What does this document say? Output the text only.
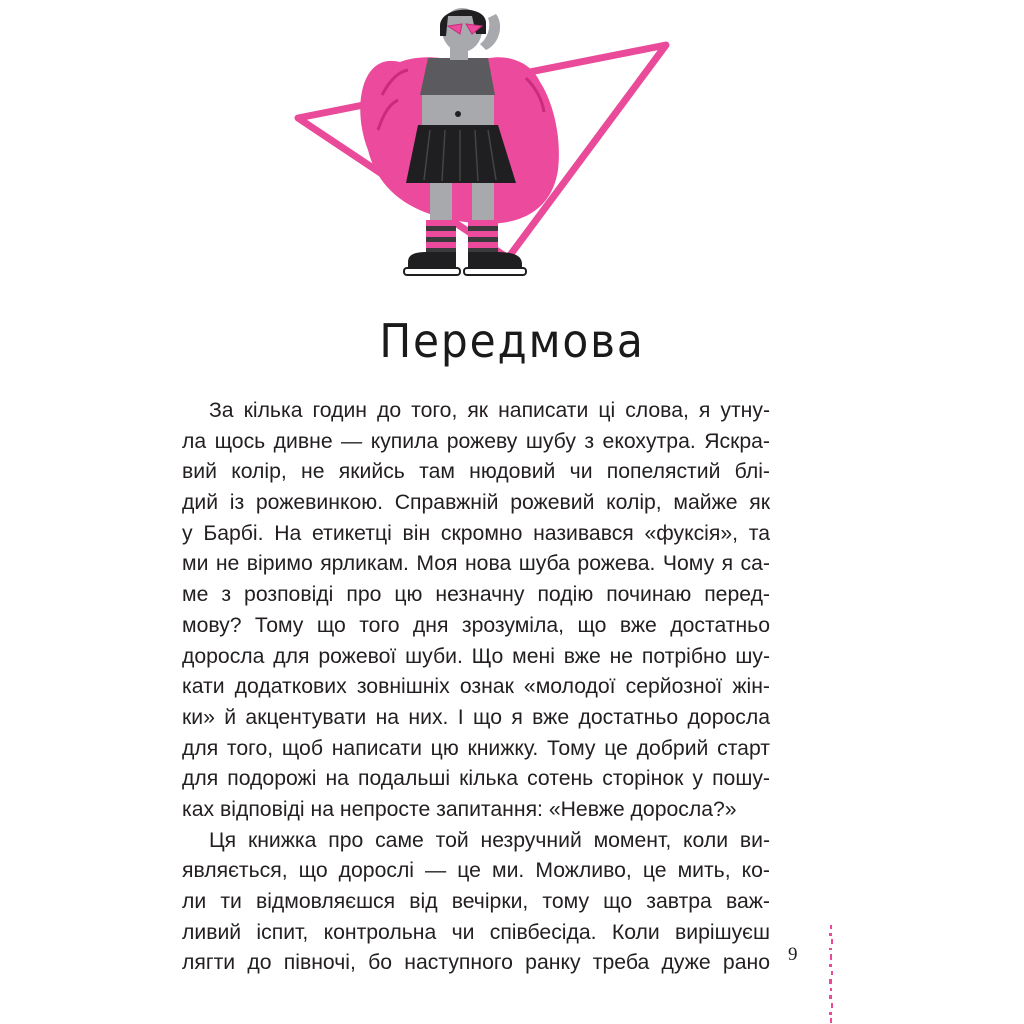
Передмова
За кілька годин до того, як написати ці слова, я утну-
ла щось дивне — купила рожеву шубу з екохутра. Яскра-
вий колір, не якийсь там нюдовий чи попелястий блі-
дий із рожевинкою. Справжній рожевий колір, майже як
у Барбі. На етикетці він скромно називався «фуксія», та
ми не віримо ярликам. Моя нова шуба рожева. Чому я са-
ме з розповіді про цю незначну подію починаю перед-
мову? Тому що того дня зрозуміла, що вже достатньо
доросла для рожевої шуби. Що мені вже не потрібно шу-
кати додаткових зовнішніх ознак «молодої серйозної жін-
ки» й акцентувати на них. І що я вже достатньо доросла
для того, щоб написати цю книжку. Тому це добрий старт
для подорожі на подальші кілька сотень сторінок у пошу-
ках відповіді на непросте запитання: «Невже доросла?»
Ця книжка про саме той незручний момент, коли ви-
являється, що дорослі — це ми. Можливо, це мить, ко-
ли ти відмовляєшся від вечірки, тому що завтра важ-
ливий іспит, контрольна чи співбесіда. Коли вирішуєш
лягти до півночі, бо наступного ранку треба дуже рано 9
